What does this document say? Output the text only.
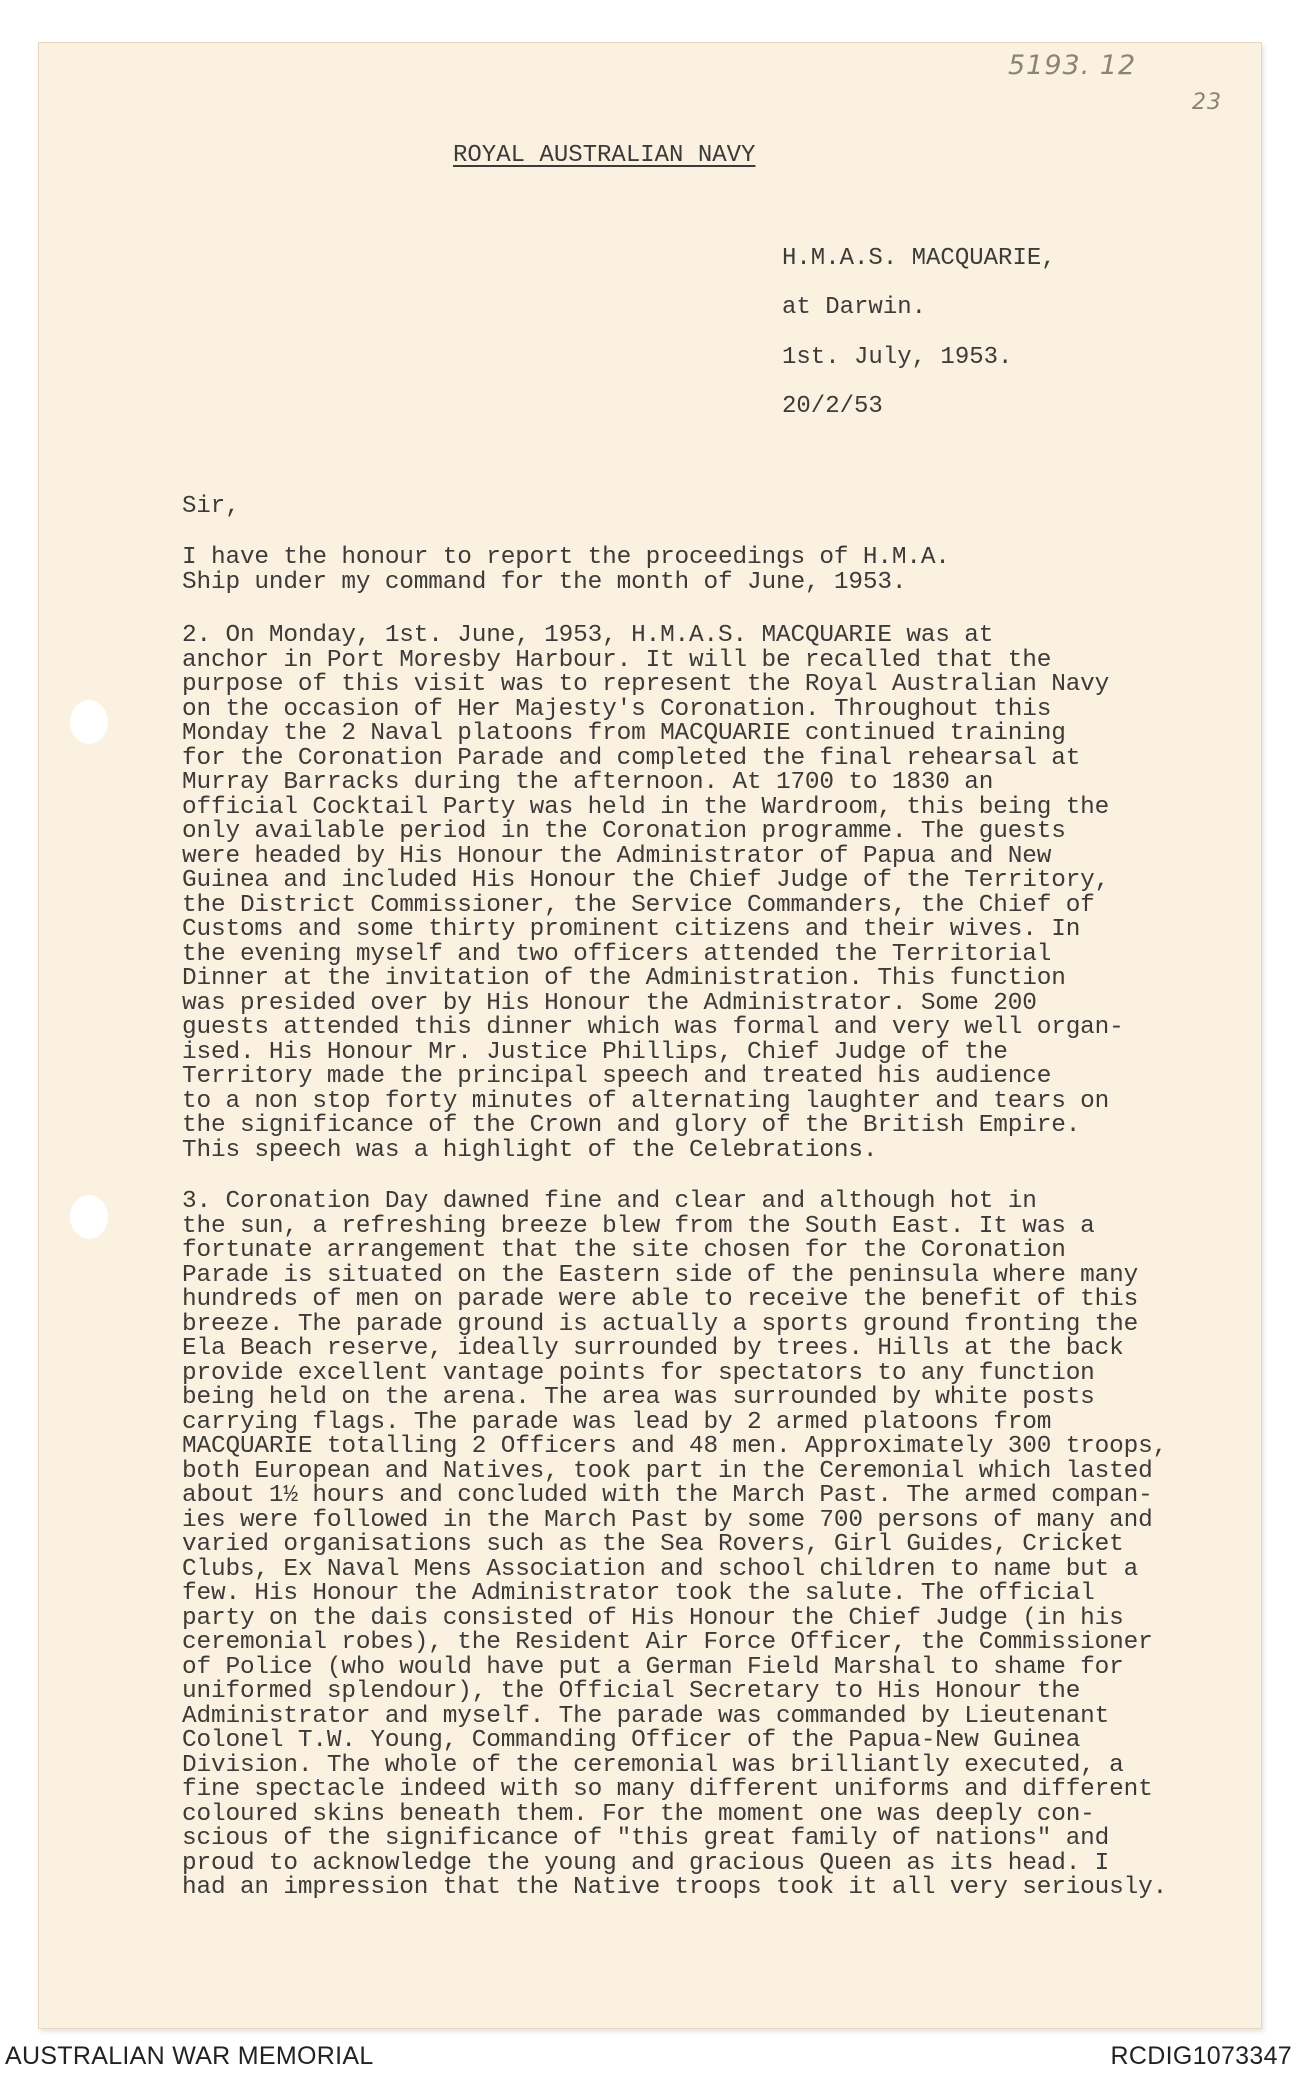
5193. 12
23
ROYAL AUSTRALIAN NAVY
H.M.A.S. MACQUARIE,
at Darwin.
1st. July, 1953.
20/2/53
Sir,

I have the honour to report the proceedings of H.M.A.
Ship under my command for the month of June, 1953.

2. On Monday, 1st. June, 1953, H.M.A.S. MACQUARIE was at
anchor in Port Moresby Harbour. It will be recalled that the
purpose of this visit was to represent the Royal Australian Navy
on the occasion of Her Majesty's Coronation. Throughout this
Monday the 2 Naval platoons from MACQUARIE continued training
for the Coronation Parade and completed the final rehearsal at
Murray Barracks during the afternoon. At 1700 to 1830 an
official Cocktail Party was held in the Wardroom, this being the
only available period in the Coronation programme. The guests
were headed by His Honour the Administrator of Papua and New
Guinea and included His Honour the Chief Judge of the Territory,
the District Commissioner, the Service Commanders, the Chief of
Customs and some thirty prominent citizens and their wives. In
the evening myself and two officers attended the Territorial
Dinner at the invitation of the Administration. This function
was presided over by His Honour the Administrator. Some 200
guests attended this dinner which was formal and very well organ-
ised. His Honour Mr. Justice Phillips, Chief Judge of the
Territory made the principal speech and treated his audience
to a non stop forty minutes of alternating laughter and tears on
the significance of the Crown and glory of the British Empire.
This speech was a highlight of the Celebrations.

3. Coronation Day dawned fine and clear and although hot in
the sun, a refreshing breeze blew from the South East. It was a
fortunate arrangement that the site chosen for the Coronation
Parade is situated on the Eastern side of the peninsula where many
hundreds of men on parade were able to receive the benefit of this
breeze. The parade ground is actually a sports ground fronting the
Ela Beach reserve, ideally surrounded by trees. Hills at the back
provide excellent vantage points for spectators to any function
being held on the arena. The area was surrounded by white posts
carrying flags. The parade was lead by 2 armed platoons from
MACQUARIE totalling 2 Officers and 48 men. Approximately 300 troops,
both European and Natives, took part in the Ceremonial which lasted
about 1½ hours and concluded with the March Past. The armed compan-
ies were followed in the March Past by some 700 persons of many and
varied organisations such as the Sea Rovers, Girl Guides, Cricket
Clubs, Ex Naval Mens Association and school children to name but a
few. His Honour the Administrator took the salute. The official
party on the dais consisted of His Honour the Chief Judge (in his
ceremonial robes), the Resident Air Force Officer, the Commissioner
of Police (who would have put a German Field Marshal to shame for
uniformed splendour), the Official Secretary to His Honour the
Administrator and myself. The parade was commanded by Lieutenant
Colonel T.W. Young, Commanding Officer of the Papua-New Guinea
Division. The whole of the ceremonial was brilliantly executed, a
fine spectacle indeed with so many different uniforms and different
coloured skins beneath them. For the moment one was deeply con-
scious of the significance of "this great family of nations" and
proud to acknowledge the young and gracious Queen as its head. I
had an impression that the Native troops took it all very seriously.

AUSTRALIAN WAR MEMORIAL	RCDIG1073347
